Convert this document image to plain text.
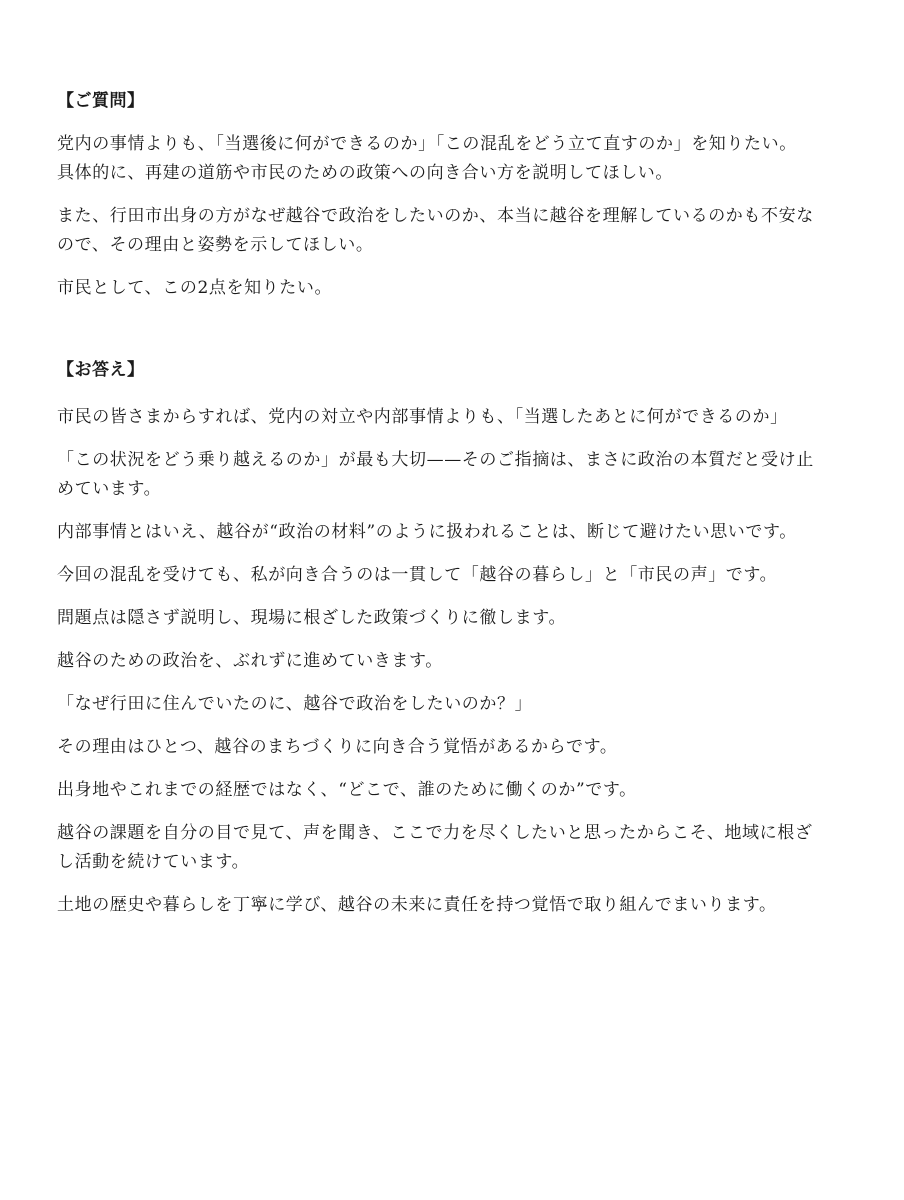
【ご質問】

党内の事情よりも、「当選後に何ができるのか」「この混乱をどう立て直すのか」を知りたい。
具体的に、再建の道筋や市民のための政策への向き合い方を説明してほしい。

また、行田市出身の方がなぜ越谷で政治をしたいのか、本当に越谷を理解しているのかも不安な
ので、その理由と姿勢を示してほしい。

市民として、この2点を知りたい。

【お答え】

市民の皆さまからすれば、党内の対立や内部事情よりも、「当選したあとに何ができるのか」

「この状況をどう乗り越えるのか」が最も大切——そのご指摘は、まさに政治の本質だと受け止
めています。

内部事情とはいえ、越谷が“政治の材料”のように扱われることは、断じて避けたい思いです。

今回の混乱を受けても、私が向き合うのは一貫して「越谷の暮らし」と「市民の声」です。

問題点は隠さず説明し、現場に根ざした政策づくりに徹します。

越谷のための政治を、ぶれずに進めていきます。

「なぜ行田に住んでいたのに、越谷で政治をしたいのか？」

その理由はひとつ、越谷のまちづくりに向き合う覚悟があるからです。

出身地やこれまでの経歴ではなく、“どこで、誰のために働くのか”です。

越谷の課題を自分の目で見て、声を聞き、ここで力を尽くしたいと思ったからこそ、地域に根ざ
し活動を続けています。

土地の歴史や暮らしを丁寧に学び、越谷の未来に責任を持つ覚悟で取り組んでまいります。
